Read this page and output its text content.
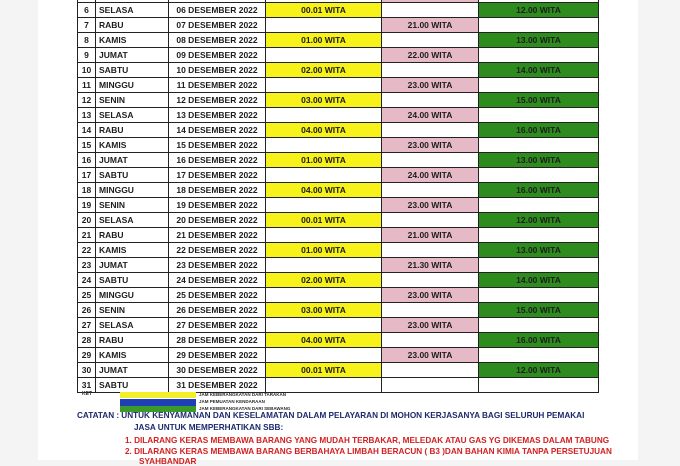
6	SELASA	06 DESEMBER 2022	00.01 WITA		12.00 WITA
7	RABU	07 DESEMBER 2022		21.00 WITA	
8	KAMIS	08 DESEMBER 2022	01.00 WITA		13.00 WITA
9	JUMAT	09 DESEMBER 2022		22.00 WITA	
10	SABTU	10 DESEMBER 2022	02.00 WITA		14.00 WITA
11	MINGGU	11 DESEMBER 2022		23.00 WITA	
12	SENIN	12 DESEMBER 2022	03.00 WITA		15.00 WITA
13	SELASA	13 DESEMBER 2022		24.00 WITA	
14	RABU	14 DESEMBER 2022	04.00 WITA		16.00 WITA
15	KAMIS	15 DESEMBER 2022		23.00 WITA	
16	JUMAT	16 DESEMBER 2022	01.00 WITA		13.00 WITA
17	SABTU	17 DESEMBER 2022		24.00 WITA	
18	MINGGU	18 DESEMBER 2022	04.00 WITA		16.00 WITA
19	SENIN	19 DESEMBER 2022		23.00 WITA	
20	SELASA	20 DESEMBER 2022	00.01 WITA		12.00 WITA
21	RABU	21 DESEMBER 2022		21.00 WITA	
22	KAMIS	22 DESEMBER 2022	01.00 WITA		13.00 WITA
23	JUMAT	23 DESEMBER 2022		21.30 WITA	
24	SABTU	24 DESEMBER 2022	02.00 WITA		14.00 WITA
25	MINGGU	25 DESEMBER 2022		23.00 WITA	
26	SENIN	26 DESEMBER 2022	03.00 WITA		15.00 WITA
27	SELASA	27 DESEMBER 2022		23.00 WITA	
28	RABU	28 DESEMBER 2022	04.00 WITA		16.00 WITA
29	KAMIS	29 DESEMBER 2022		23.00 WITA	
30	JUMAT	30 DESEMBER 2022	00.01 WITA		12.00 WITA
31	SABTU	31 DESEMBER 2022			
KET	JAM KEBERANGKATAN DARI TARAKAN
JAM PEMUATAN KENDARAAN
JAM KEBERANGKATAN DARI SEBAWANG
CATATAN : UNTUK KENYAMANAN DAN KESELAMATAN DALAM PELAYARAN DI MOHON KERJASANYA BAGI SELURUH PEMAKAI
JASA UNTUK MEMPERHATIKAN SBB:
1. DILARANG KERAS MEMBAWA BARANG YANG MUDAH TERBAKAR, MELEDAK ATAU GAS YG DIKEMAS DALAM TABUNG
2. DILARANG KERAS MEMBAWA BARANG BERBAHAYA LIMBAH BERACUN ( B3 )DAN BAHAN KIMIA TANPA PERSETUJUAN
SYAHBANDAR
